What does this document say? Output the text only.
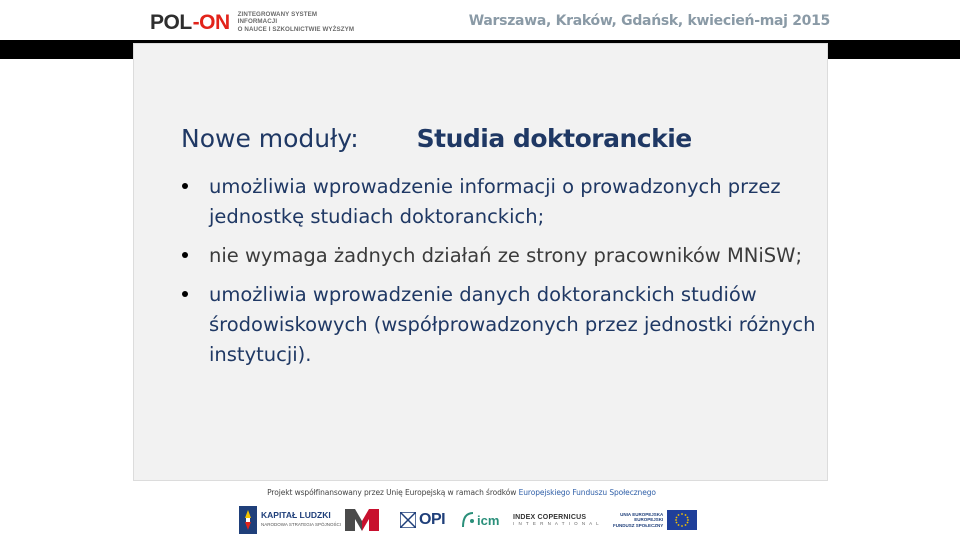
POL - ON ZINTEGROWANY SYSTEM INFORMACJI
O NAUCE I SZKOLNICTWIE WYŻSZYM
Warszawa, Kraków, Gdańsk, kwiecień-maj 2015
Nowe moduły: Studia doktoranckie
umożliwia wprowadzenie informacji o prowadzonych przez jednostkę studiach doktoranckich;
nie wymaga żadnych działań ze strony pracowników MNiSW;
umożliwia wprowadzenie danych doktoranckich studiów środowiskowych (współprowadzonych przez jednostki różnych instytucji).
Projekt współfinansowany przez Unię Europejską w ramach środków Europejskiego Funduszu Społecznego
KAPITAŁ LUDZKI
NARODOWA STRATEGIA SPÓJNOŚCI	OPI icm INDEX COPERNICUS
I N T E R N A T I O N A L
UNIA EUROPEJSKA
EUROPEJSKI
FUNDUSZ SPOŁECZNY
